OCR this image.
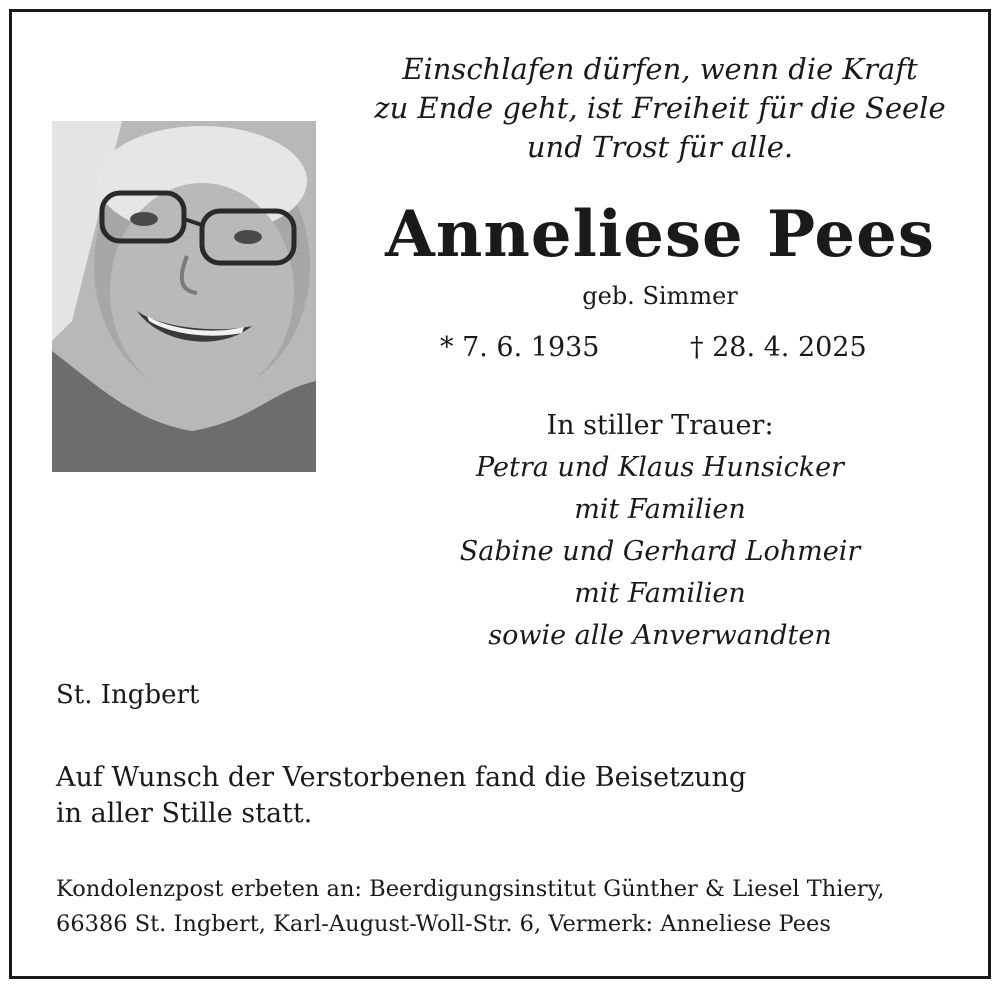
Einschlafen dürfen, wenn die Kraft
zu Ende geht, ist Freiheit für die Seele
und Trost für alle.
Anneliese Pees
geb. Simmer
* 7. 6. 1935	† 28. 4. 2025
In stiller Trauer:
Petra und Klaus Hunsicker
mit Familien
Sabine und Gerhard Lohmeir
mit Familien
sowie alle Anverwandten
St. Ingbert
Auf Wunsch der Verstorbenen fand die Beisetzung
in aller Stille statt.
Kondolenzpost erbeten an: Beerdigungsinstitut Günther & Liesel Thiery,
66386 St. Ingbert, Karl-August-Woll-Str. 6, Vermerk: Anneliese Pees
